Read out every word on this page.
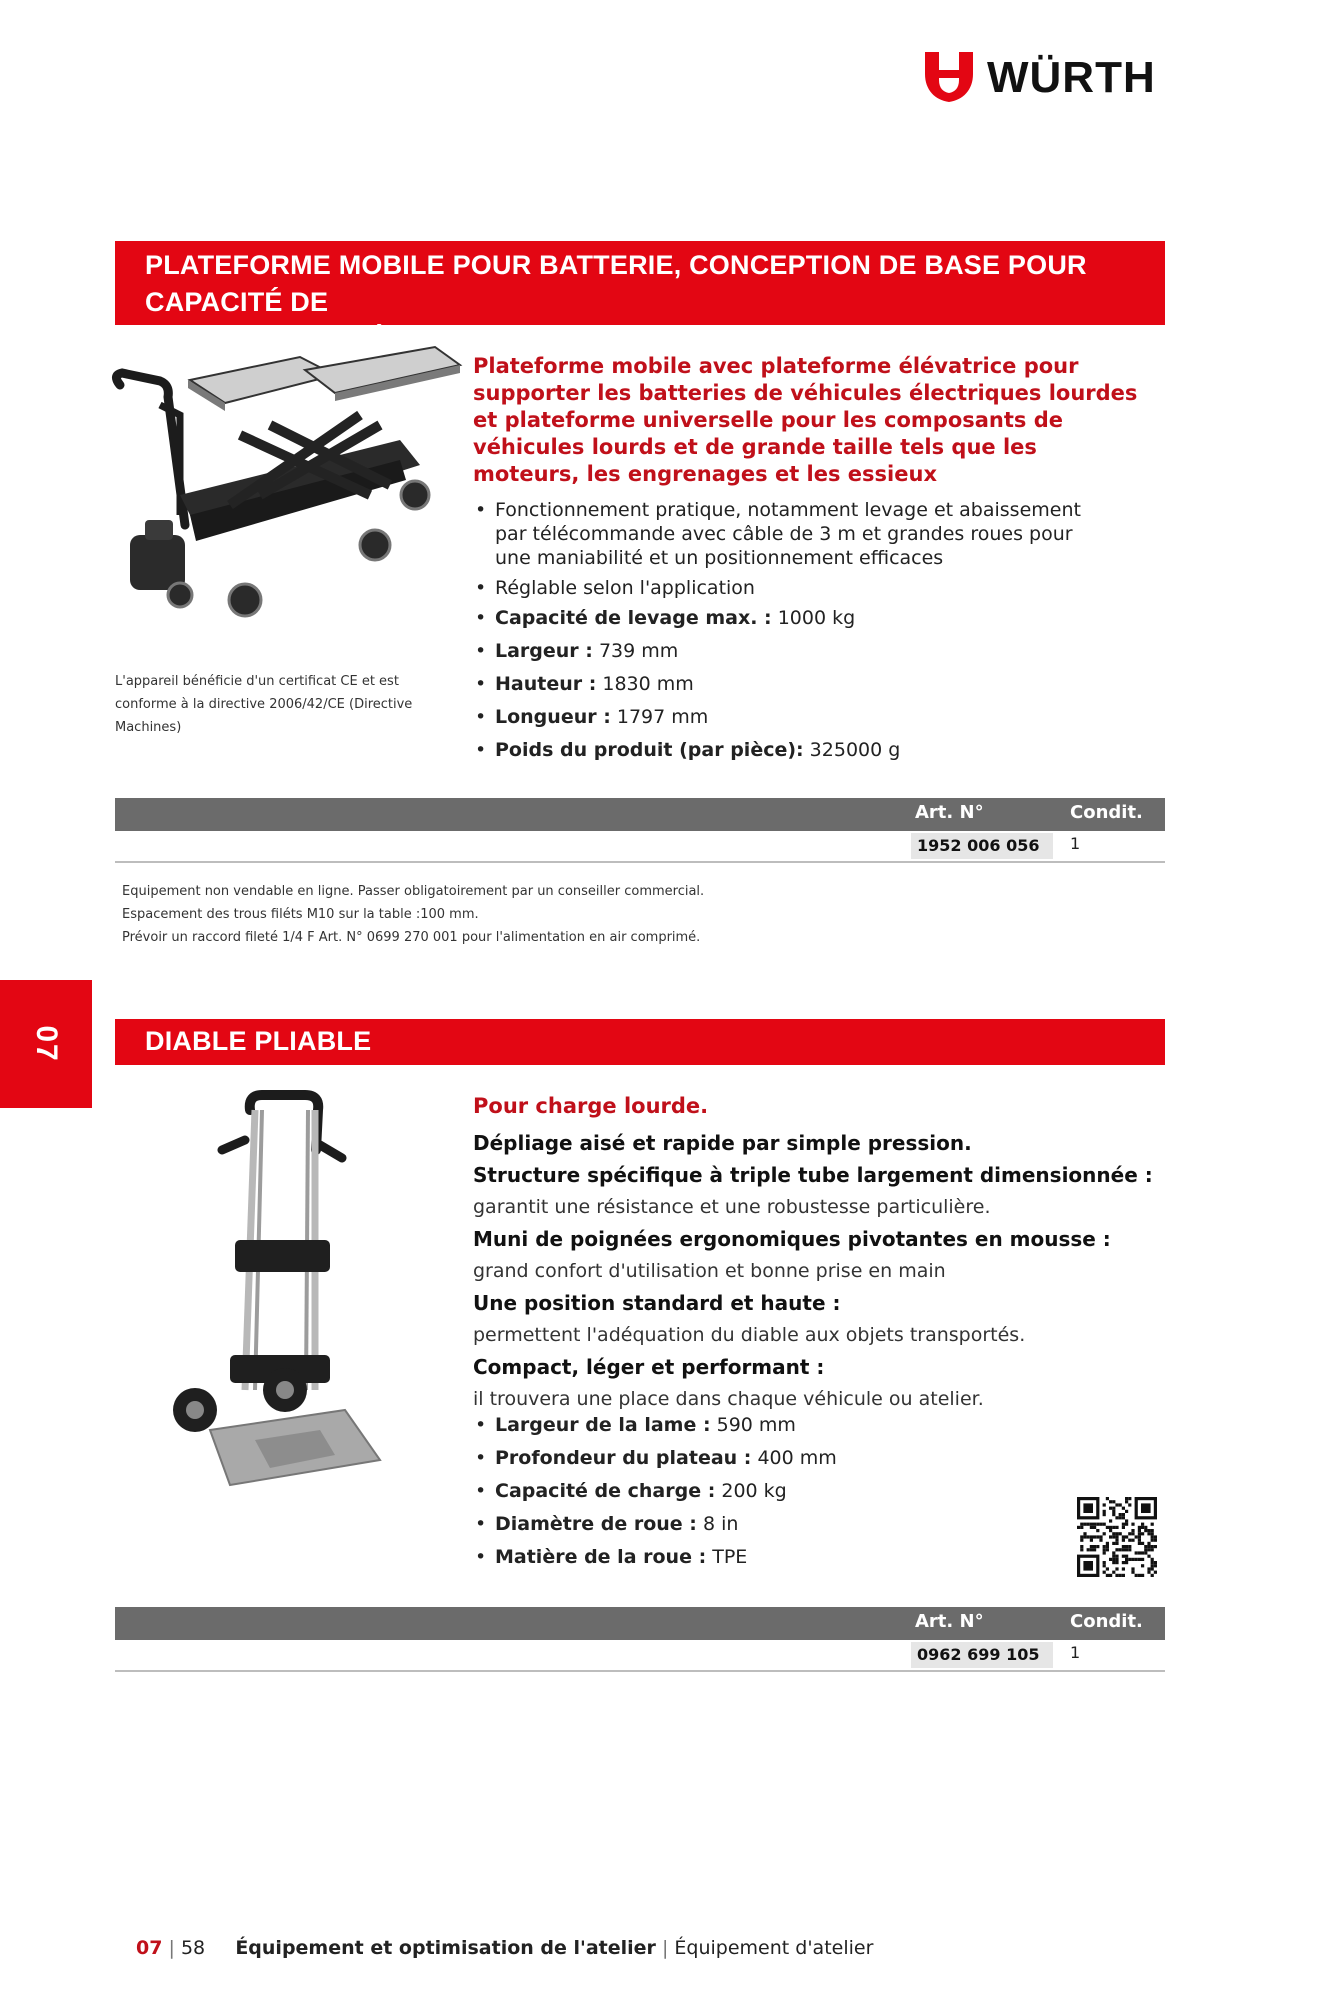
WÜRTH
07
PLATEFORME MOBILE POUR BATTERIE, CONCEPTION DE BASE POUR CAPACITÉ DE
CHARGE JUSQU'À 1 T
L'appareil bénéficie d'un certificat CE et est conforme à la directive 2006/42/CE (Directive Machines)
Plateforme mobile avec plateforme élévatrice pour supporter les batteries de véhicules électriques lourdes et plateforme universelle pour les composants de véhicules lourds et de grande taille tels que les moteurs, les engrenages et les essieux
• Fonctionnement pratique, notamment levage et abaissement par télécommande avec câble de 3 m et grandes roues pour une maniabilité et un positionnement efficaces
• Réglable selon l'application
• Capacité de levage max. : 1000 kg
• Largeur : 739 mm
• Hauteur : 1830 mm
• Longueur : 1797 mm
• Poids du produit (par pièce): 325000 g
Art. N°	Condit.
1952 006 056	1
Equipement non vendable en ligne. Passer obligatoirement par un conseiller commercial.
Espacement des trous filéts M10 sur la table :100 mm.
Prévoir un raccord fileté 1/4 F Art. N° 0699 270 001 pour l'alimentation en air comprimé.
DIABLE PLIABLE
Pour charge lourde.
Dépliage aisé et rapide par simple pression.
Structure spécifique à triple tube largement dimensionnée :
garantit une résistance et une robustesse particulière.
Muni de poignées ergonomiques pivotantes en mousse :
grand confort d'utilisation et bonne prise en main
Une position standard et haute :
permettent l'adéquation du diable aux objets transportés.
Compact, léger et performant :
il trouvera une place dans chaque véhicule ou atelier.
• Largeur de la lame : 590 mm
• Profondeur du plateau : 400 mm
• Capacité de charge : 200 kg
• Diamètre de roue : 8 in
• Matière de la roue : TPE
Art. N°	Condit.
0962 699 105	1
07 | 58 Équipement et optimisation de l'atelier | Équipement d'atelier
